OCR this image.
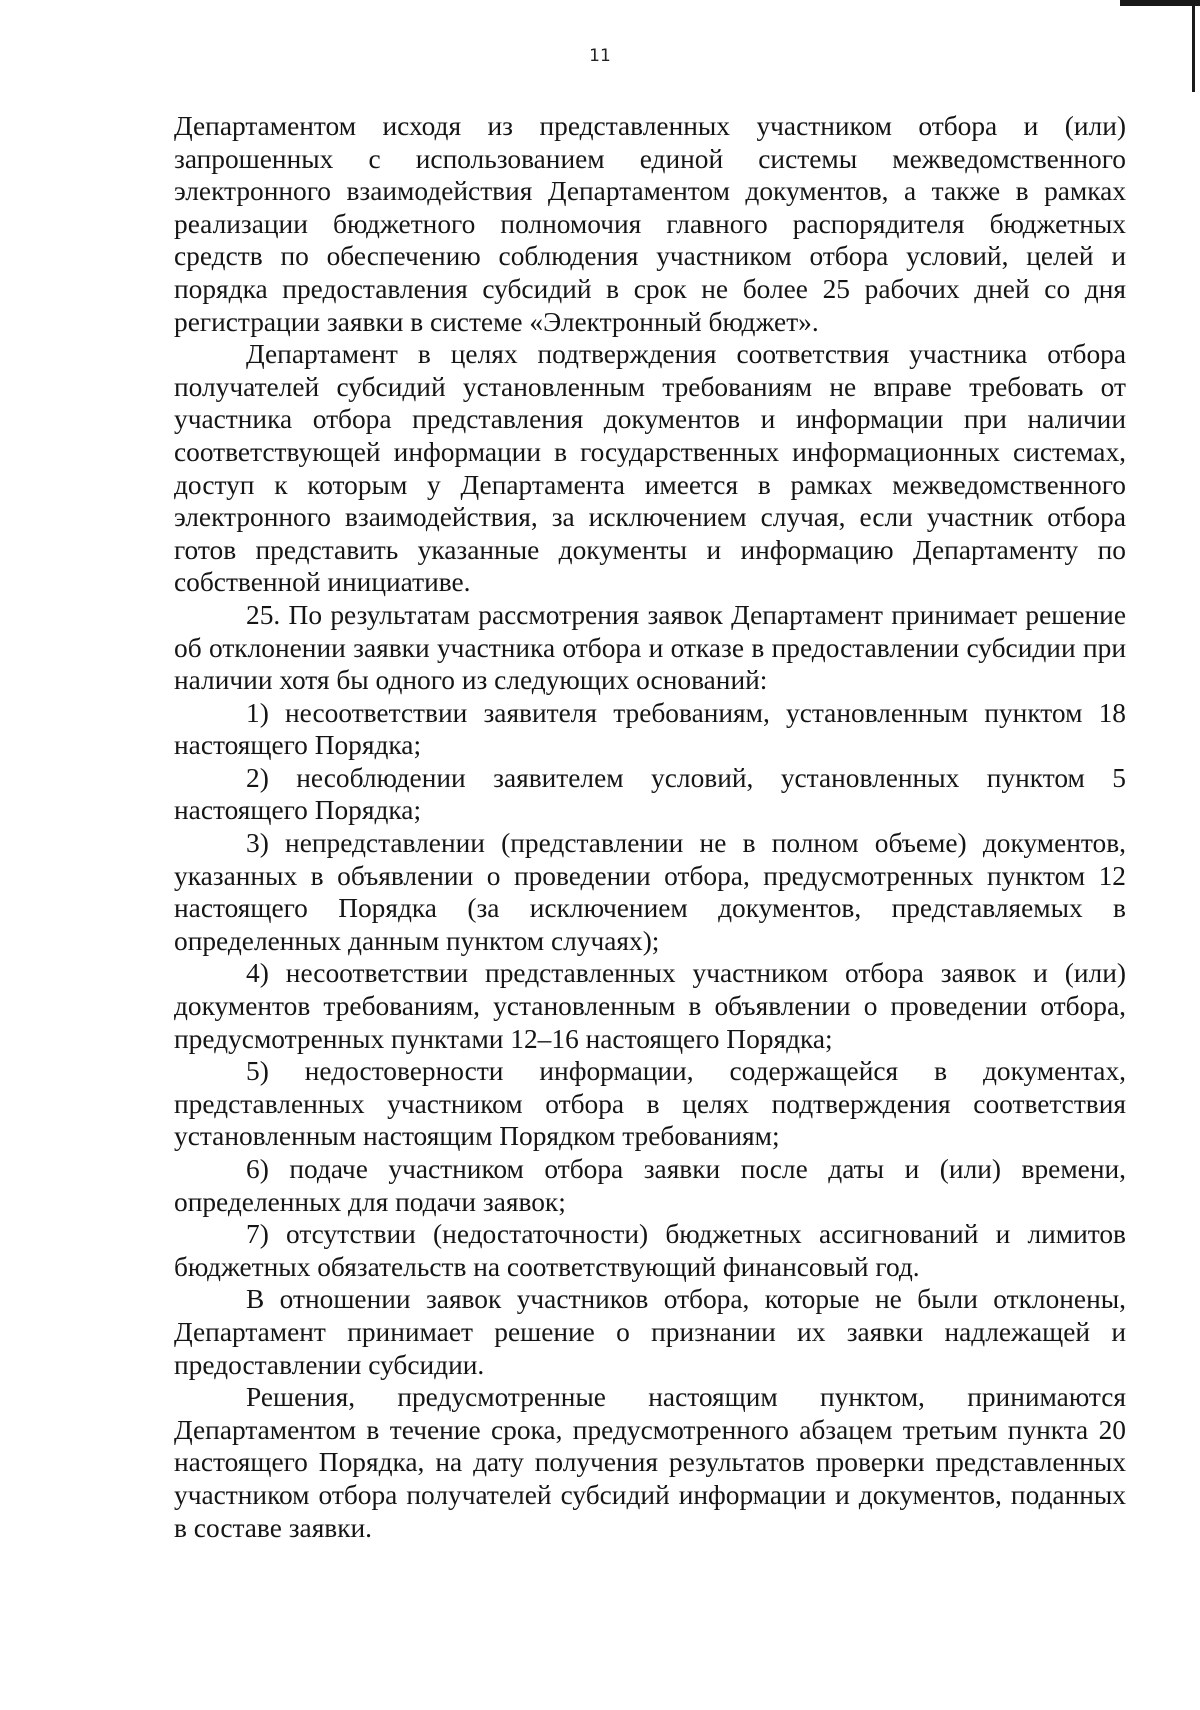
11

Департаментом исходя из представленных участником отбора и (или) запрошенных с использованием единой системы межведомственного электронного взаимодействия Департаментом документов, а также в рамках реализации бюджетного полномочия главного распорядителя бюджетных средств по обеспечению соблюдения участником отбора условий, целей и порядка предоставления субсидий в срок не более 25 рабочих дней со дня регистрации заявки в системе «Электронный бюджет».

Департамент в целях подтверждения соответствия участника отбора получателей субсидий установленным требованиям не вправе требовать от участника отбора представления документов и информации при наличии соответствующей информации в государственных информационных системах, доступ к которым у Департамента имеется в рамках межведомственного электронного взаимодействия, за исключением случая, если участник отбора готов представить указанные документы и информацию Департаменту по собственной инициативе.

25. По результатам рассмотрения заявок Департамент принимает решение об отклонении заявки участника отбора и отказе в предоставлении субсидии при наличии хотя бы одного из следующих оснований:

1) несоответствии заявителя требованиям, установленным пунктом 18 настоящего Порядка;

2) несоблюдении заявителем условий, установленных пунктом 5 настоящего Порядка;

3) непредставлении (представлении не в полном объеме) документов, указанных в объявлении о проведении отбора, предусмотренных пунктом 12 настоящего Порядка (за исключением документов, представляемых в определенных данным пунктом случаях);

4) несоответствии представленных участником отбора заявок и (или) документов требованиям, установленным в объявлении о проведении отбора, предусмотренных пунктами 12–16 настоящего Порядка;

5) недостоверности информации, содержащейся в документах, представленных участником отбора в целях подтверждения соответствия установленным настоящим Порядком требованиям;

6) подаче участником отбора заявки после даты и (или) времени, определенных для подачи заявок;

7) отсутствии (недостаточности) бюджетных ассигнований и лимитов бюджетных обязательств на соответствующий финансовый год.

В отношении заявок участников отбора, которые не были отклонены, Департамент принимает решение о признании их заявки надлежащей и предоставлении субсидии.

Решения, предусмотренные настоящим пунктом, принимаются Департаментом в течение срока, предусмотренного абзацем третьим пункта 20 настоящего Порядка, на дату получения результатов проверки представленных участником отбора получателей субсидий информации и документов, поданных в составе заявки.
